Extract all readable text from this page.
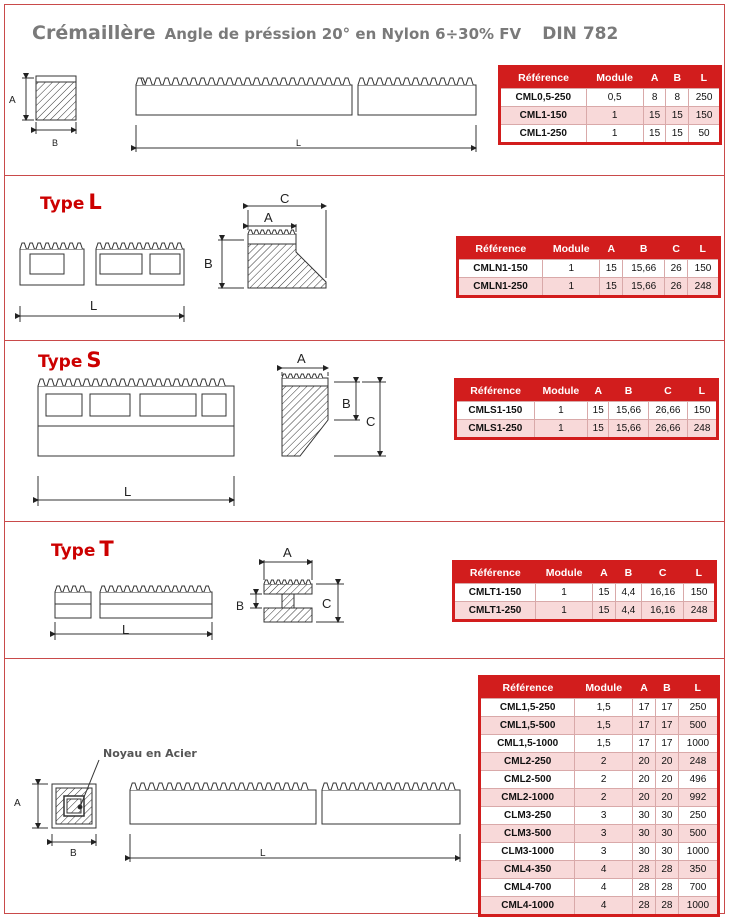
Crémaillère Angle de préssion 20° en Nylon 6÷30% FV DIN 782
Type L
Type S
Type T
Noyau en Acier
A
B	L
L
C
A
B
L
A
B
C
L
A
B	C
A
B	L
Référence	Module	A	B	L
CML0,5-250	0,5	8	8	250
CML1-150	1	15	15	150
CML1-250	1	15	15	50
Référence	Module	A	B	C	L
CMLN1-150	1	15	15,66	26	150
CMLN1-250	1	15	15,66	26	248
Référence	Module	A	B	C	L
CMLS1-150	1	15	15,66	26,66	150
CMLS1-250	1	15	15,66	26,66	248
Référence	Module	A	B	C	L
CMLT1-150	1	15	4,4	16,16	150
CMLT1-250	1	15	4,4	16,16	248
Référence	Module	A	B	L
CML1,5-250	1,5	17	17	250
CML1,5-500	1,5	17	17	500
CML1,5-1000	1,5	17	17	1000
CML2-250	2	20	20	248
CML2-500	2	20	20	496
CML2-1000	2	20	20	992
CLM3-250	3	30	30	250
CLM3-500	3	30	30	500
CLM3-1000	3	30	30	1000
CML4-350	4	28	28	350
CML4-700	4	28	28	700
CML4-1000	4	28	28	1000
